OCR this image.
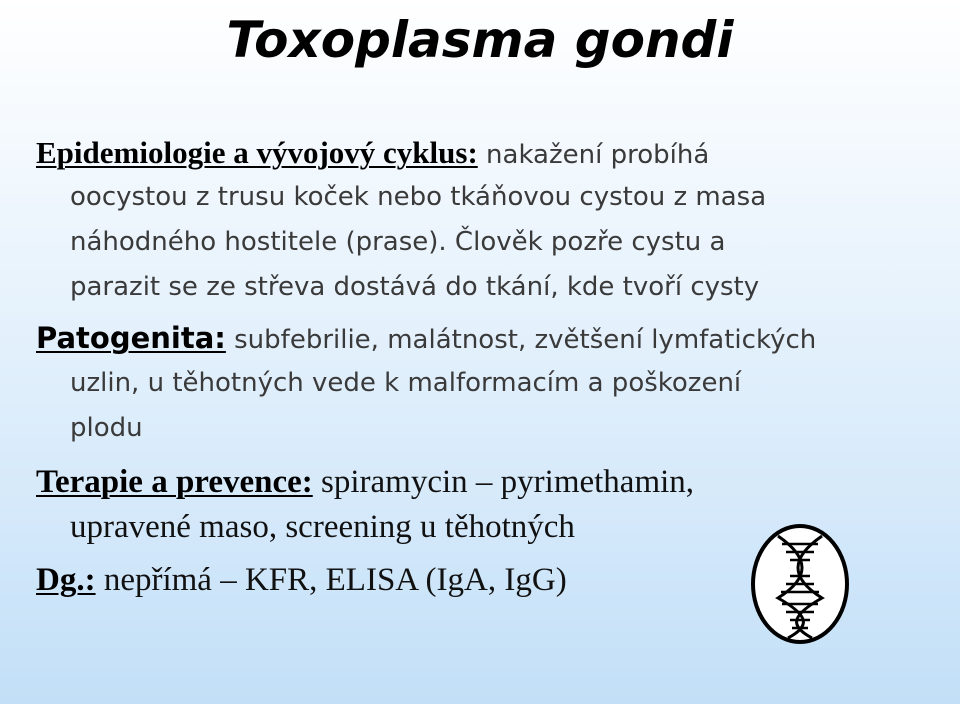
Toxoplasma gondi
Epidemiologie a vývojový cyklus: nakažení probíhá
oocystou z trusu koček nebo tkáňovou cystou z masa
náhodného hostitele (prase). Člověk pozře cystu a
parazit se ze střeva dostává do tkání, kde tvoří cysty
Patogenita: subfebrilie, malátnost, zvětšení lymfatických
uzlin, u těhotných vede k malformacím a poškození
plodu
Terapie a prevence: spiramycin – pyrimethamin,
upravené maso, screening u těhotných
Dg.: nepřímá – KFR, ELISA (IgA, IgG)
